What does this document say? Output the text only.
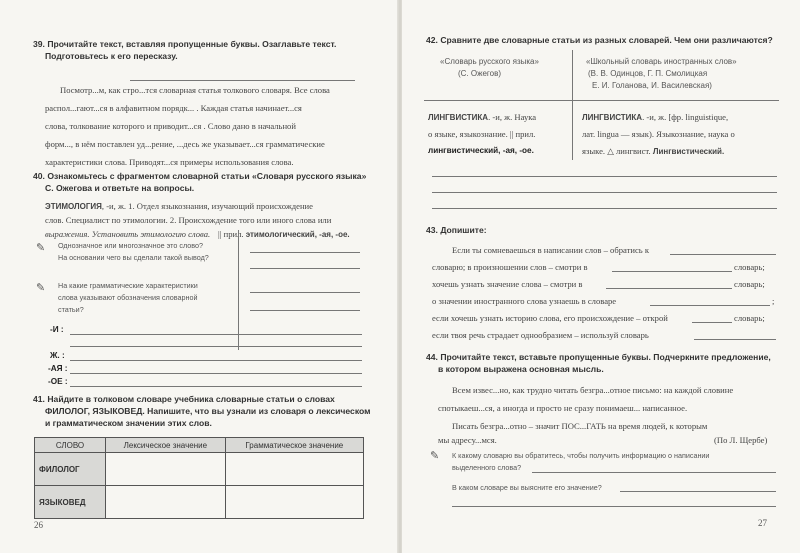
39. Прочитайте текст, вставляя пропущенные буквы. Озаглавьте текст.
Подготовьтесь к его пересказу.
Посмотр...м, как стро...тся словарная статья толкового словаря. Все слова
распол...гают...ся в алфавитном порядк... . Каждая статья начинает...ся
слова, толкование которого и приводит...ся . Слово дано в начальной
форм..., в нём поставлен уд...рение, ...десь же указывает...ся грамматические
характеристики слова. Приводят...ся примеры использования слова.
40. Ознакомьтесь с фрагментом словарной статьи «Словаря русского языка»
С. Ожегова и ответьте на вопросы.
ЭТИМОЛОГИЯ, -и, ж. 1. Отдел языкознания, изучающий происхождение
слов. Специалист по этимологии. 2. Происхождение того или иного слова или
выражения. Установить этимологию слова. || прил. этимологический, -ая, -ое.
✎ Однозначное или многозначное это слово?
На основании чего вы сделали такой вывод?
✎ На какие грамматические характеристики
слова указывают обозначения словарной
статьи?
-И :
Ж. :
-АЯ :
-ОЕ :
41. Найдите в толковом словаре учебника словарные статьи о словах
ФИЛОЛОГ, ЯЗЫКОВЕД. Напишите, что вы узнали из словаря о лексическом
и грамматическом значении этих слов.
СЛОВО	Лексическое значение	Грамматическое значение
ФИЛОЛОГ		
ЯЗЫКОВЕД		
26
42. Сравните две словарные статьи из разных словарей. Чем они различаются?
«Словарь русского языка»
(С. Ожегов)
«Школьный словарь иностранных слов»
(В. В. Одинцов, Г. П. Смолицкая
Е. И. Голанова, И. Василевская)
ЛИНГВИСТИКА. -и, ж. Наука
о языке, языкознание. || прил.
лингвистический, -ая, -ое.
ЛИНГВИСТИКА. -и, ж. [фр. linguistique,
лат. lingua — язык). Языкознание, наука о
языке. △ лингвист. Лингвистический.
43. Допишите:
Если ты сомневаешься в написании слов – обратись к
словарю; в произношении слов – смотри в	словарь;
хочешь узнать значение слова – смотри в	словарь;
о значении иностранного слова узнаешь в словаре	;
если хочешь узнать историю слова, его происхождение – открой	словарь;
если твоя речь страдает однообразием – используй словарь
44. Прочитайте текст, вставьте пропущенные буквы. Подчеркните предложение,
в котором выражена основная мысль.
Всем извес...но, как трудно читать безгра...отное письмо: на каждой словине
спотыкаеш...ся, а иногда и просто не сразу понимаеш... написанное.
Писать безгра...отно – значит ПОС...ГАТЬ на время людей, к которым
мы адресу...мся.	(По Л. Щербе)
✎ К какому словарю вы обратитесь, чтобы получить информацию о написании
выделенного слова?
В каком словаре вы выясните его значение?
27
